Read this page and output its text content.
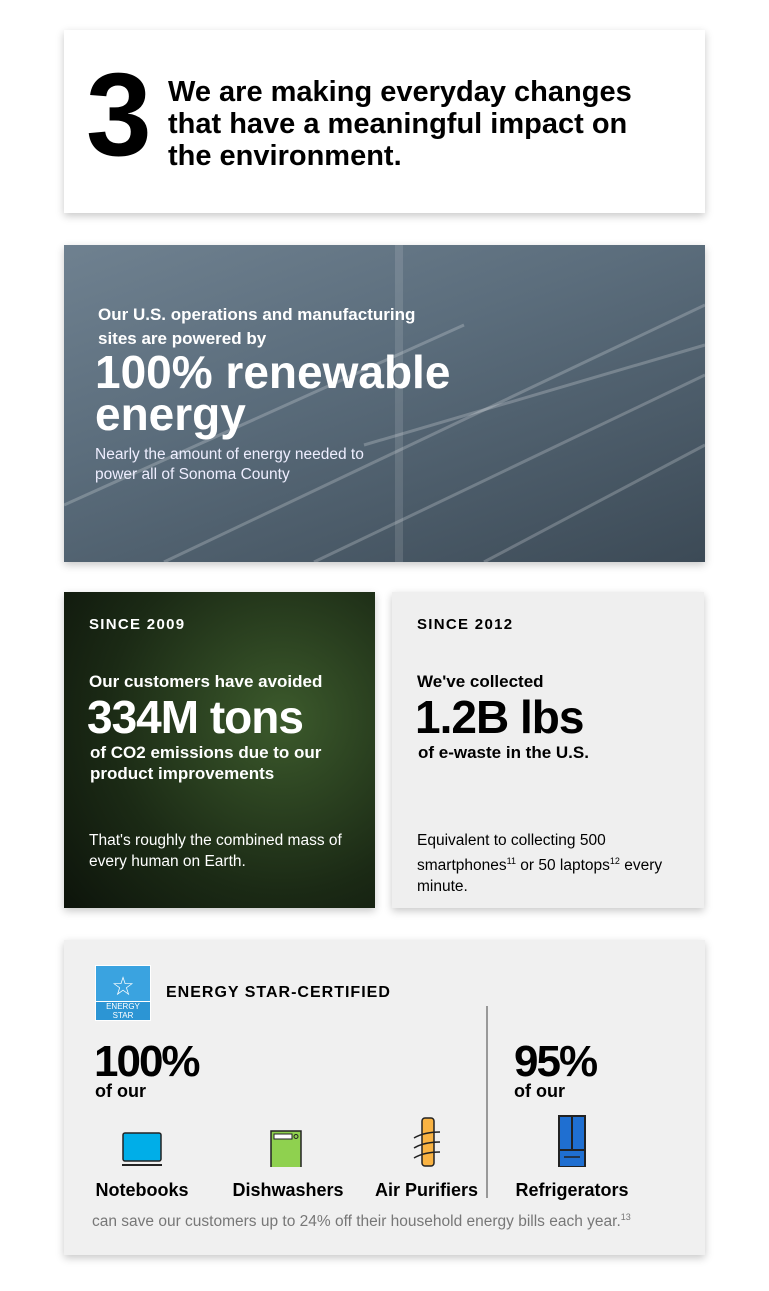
3 We are making everyday changes that have a meaningful impact on the environment.
Our U.S. operations and manufacturing sites are powered by
100% renewable energy
Nearly the amount of energy needed to power all of Sonoma County
SINCE 2009
Our customers have avoided
334M tons
of CO2 emissions due to our product improvements
That's roughly the combined mass of every human on Earth.
SINCE 2012
We've collected
1.2B lbs
of e-waste in the U.S.
Equivalent to collecting 500 smartphones$^{11}$ or 50 laptops$^{12}$ every minute.
☆
ENERGY STAR
ENERGY STAR-CERTIFIED
100%
of our
95%
of our
Notebooks Dishwashers	Air Purifiers	Refrigerators
can save our customers up to 24% off their household energy bills each year.$^{13}$
